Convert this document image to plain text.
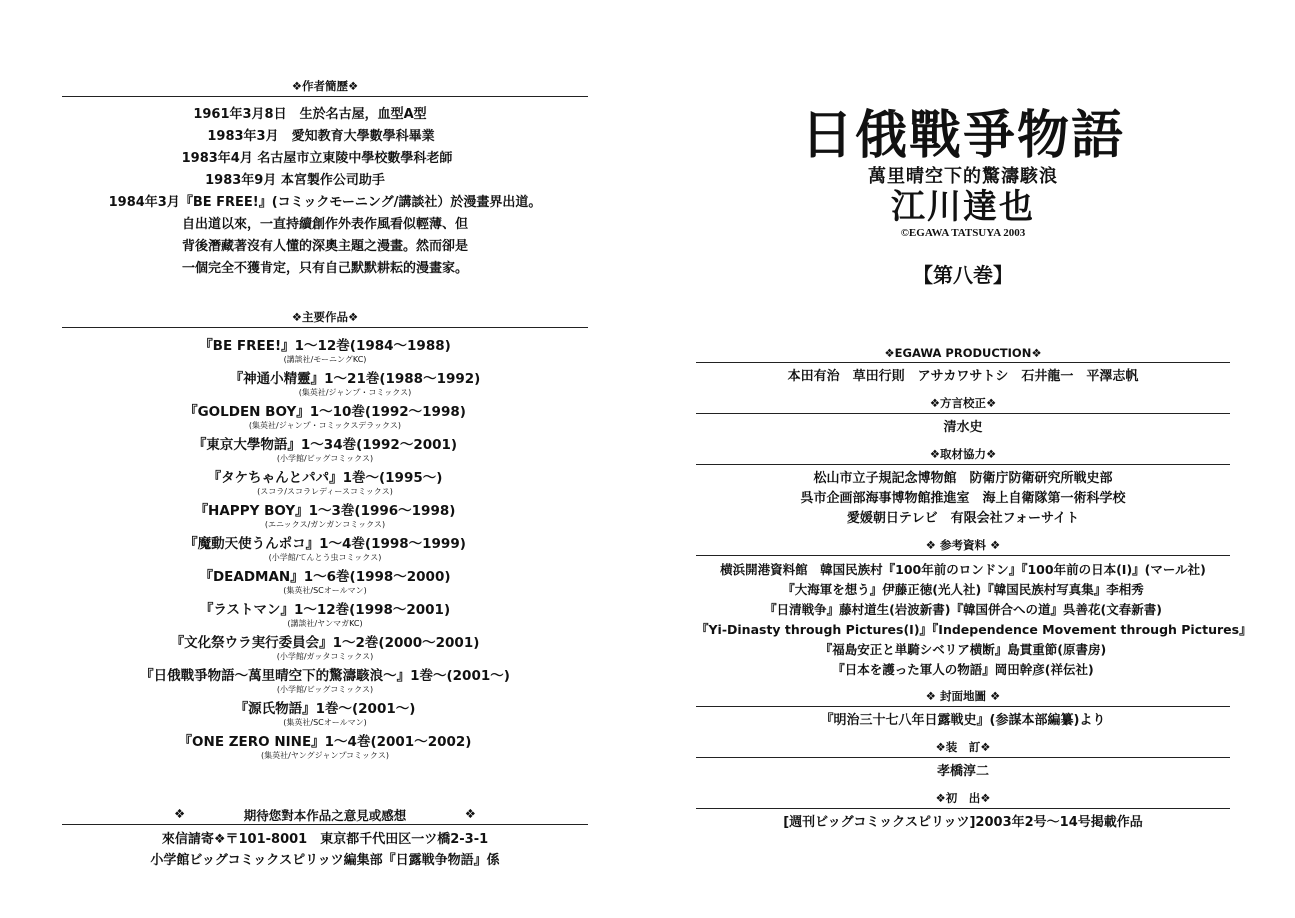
❖作者簡歷❖
1961年3月8日　生於名古屋，血型A型
1983年3月　愛知教育大學數學科畢業
1983年4月 名古屋市立東陵中學校數學科老師
1983年9月 本宮製作公司助手
1984年3月『BE FREE!』(コミックモーニング/講談社）於漫畫界出道。
自出道以來，一直持續創作外表作風看似輕薄、但
背後潛藏著沒有人懂的深奧主題之漫畫。然而卻是
一個完全不獲肯定，只有自己默默耕耘的漫畫家。
❖主要作品❖
『BE FREE!』1〜12巻(1984〜1988)
(講談社/モーニングKC)
『神通小精靈』1〜21巻(1988〜1992)
(集英社/ジャンプ・コミックス)
『GOLDEN BOY』1〜10巻(1992〜1998)
(集英社/ジャンプ・コミックスデラックス)
『東京大學物語』1〜34巻(1992〜2001)
(小学館/ビッグコミックス)
『タケちゃんとパパ』1巻〜(1995〜)
(スコラ/スコラレディースコミックス)
『HAPPY BOY』1〜3巻(1996〜1998)
(エニックス/ガンガンコミックス)
『魔動天使うんポコ』1〜4巻(1998〜1999)
(小学館/てんとう虫コミックス)
『DEADMAN』1〜6巻(1998〜2000)
(集英社/SCオールマン)
『ラストマン』1〜12巻(1998〜2001)
(講談社/ヤンマガKC)
『文化祭ウラ実行委員会』1〜2巻(2000〜2001)
(小学館/ガッタコミックス)
『日俄戰爭物語〜萬里晴空下的驚濤駭浪〜』1巻〜(2001〜)
(小学館/ビッグコミックス)
『源氏物語』1巻〜(2001〜)
(集英社/SCオールマン)
『ONE ZERO NINE』1〜4巻(2001〜2002)
(集英社/ヤングジャンプコミックス)
❖	期待您對本作品之意見或感想	❖
來信請寄❖〒101-8001　東京都千代田区一ツ橋2-3-1
小学館ビッグコミックスピリッツ編集部『日露戦争物語』係
日俄戰爭物語
萬里晴空下的驚濤駭浪
江川達也
©EGAWA TATSUYA 2003
【第八巻】
❖EGAWA PRODUCTION❖
本田有治　草田行則　アサカワサトシ　石井龍一　平澤志帆
❖方言校正❖
清水史
❖取材協力❖
松山市立子規記念博物館　防衛庁防衛研究所戦史部
呉市企画部海事博物館推進室　海上自衛隊第一術科学校
愛媛朝日テレビ　有限会社フォーサイト
❖ 参考資料 ❖
横浜開港資料館　韓国民族村『100年前のロンドン』『100年前の日本(Ⅰ)』(マール社)
『大海軍を想う』伊藤正徳(光人社)『韓国民族村写真集』李相秀
『日清戦争』藤村道生(岩波新書)『韓国併合への道』呉善花(文春新書)
『Yi-Dinasty through Pictures(Ⅰ)』『Independence Movement through Pictures』
『福島安正と単騎シベリア横断』島貫重節(原書房)
『日本を護った軍人の物語』岡田幹彦(祥伝社)
❖ 封面地圖 ❖
『明治三十七八年日露戦史』(参謀本部編纂)より
❖装　訂❖
孝橋淳二
❖初　出❖
[週刊ビッグコミックスピリッツ]2003年2号〜14号掲載作品
